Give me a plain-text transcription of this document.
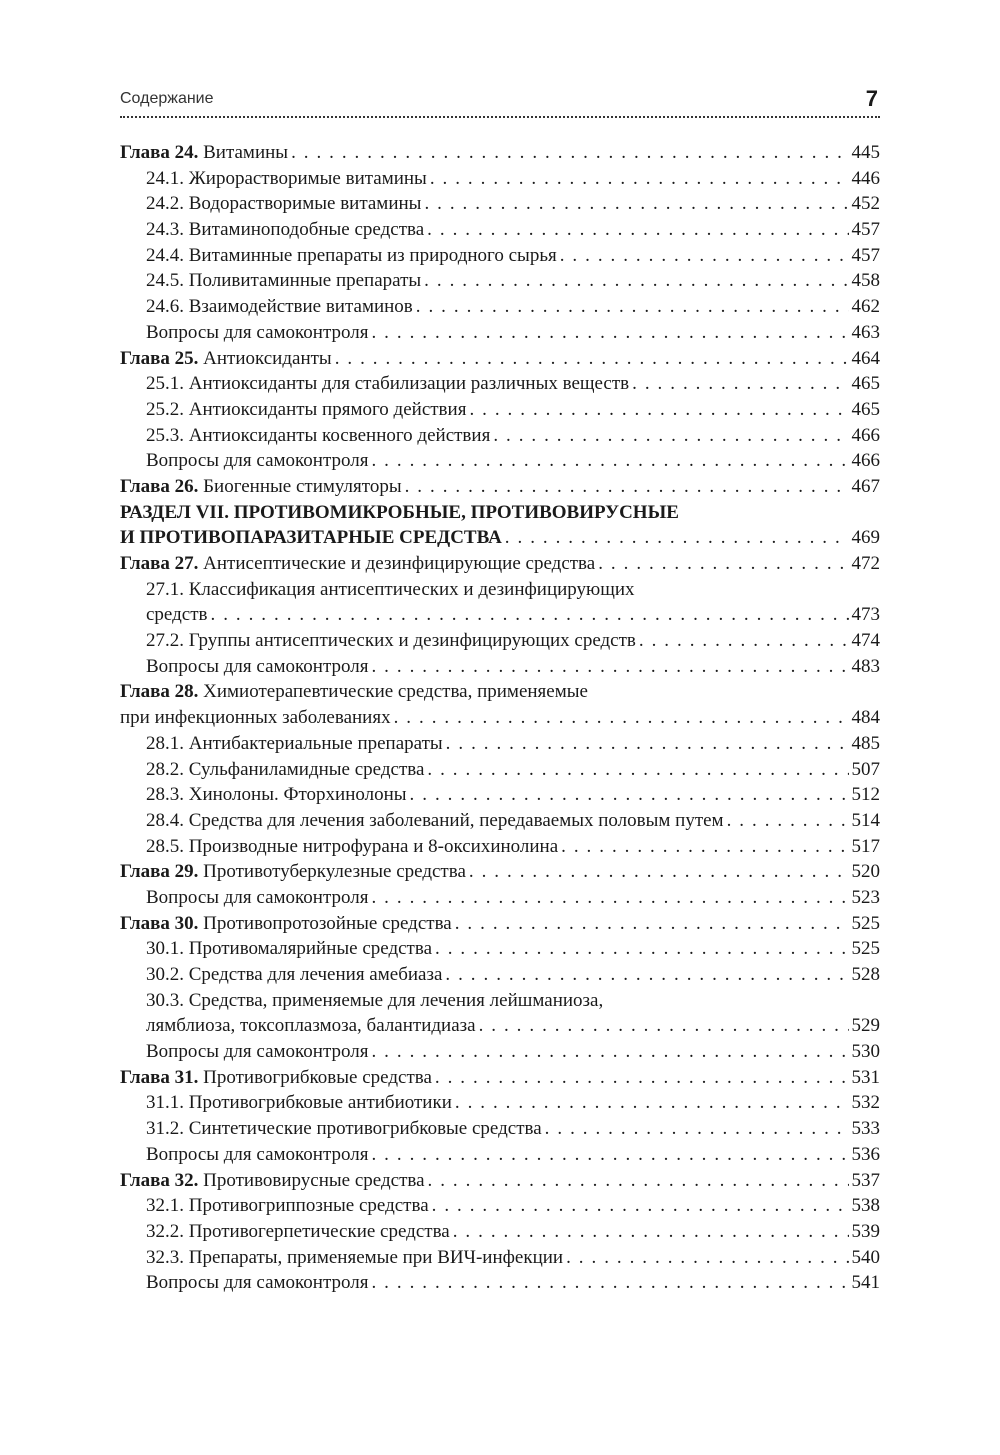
Содержание	7
Глава 24. Витамины . . .	445
24.1. Жирорастворимые витамины . . .	446
24.2. Водорастворимые витамины . . .	452
24.3. Витаминоподобные средства . . .	457
24.4. Витаминные препараты из природного сырья . . .	457
24.5. Поливитаминные препараты . . .	458
24.6. Взаимодействие витаминов . . .	462
Вопросы для самоконтроля . . .	463
Глава 25. Антиоксиданты . . .	464
25.1. Антиоксиданты для стабилизации различных веществ . . .	465
25.2. Антиоксиданты прямого действия . . .	465
25.3. Антиоксиданты косвенного действия . . .	466
Вопросы для самоконтроля . . .	466
Глава 26. Биогенные стимуляторы . . .	467
РАЗДЕЛ VII. ПРОТИВОМИКРОБНЫЕ, ПРОТИВОВИРУСНЫЕ
И ПРОТИВОПАРАЗИТАРНЫЕ СРЕДСТВА . . .	469
Глава 27. Антисептические и дезинфицирующие средства . . .	472
27.1. Классификация антисептических и дезинфицирующих
средств . . .	473
27.2. Группы антисептических и дезинфицирующих средств . . .	474
Вопросы для самоконтроля . . .	483
Глава 28. Химиотерапевтические средства, применяемые
при инфекционных заболеваниях . . .	484
28.1. Антибактериальные препараты . . .	485
28.2. Сульфаниламидные средства . . .	507
28.3. Хинолоны. Фторхинолоны . . .	512
28.4. Средства для лечения заболеваний, передаваемых половым путем . . .	514
28.5. Производные нитрофурана и 8-оксихинолина . . .	517
Глава 29. Противотуберкулезные средства . . .	520
Вопросы для самоконтроля . . .	523
Глава 30. Противопротозойные средства . . .	525
30.1. Противомалярийные средства . . .	525
30.2. Средства для лечения амебиаза . . .	528
30.3. Средства, применяемые для лечения лейшманиоза,
лямблиоза, токсоплазмоза, балантидиаза . . .	529
Вопросы для самоконтроля . . .	530
Глава 31. Противогрибковые средства . . .	531
31.1. Противогрибковые антибиотики . . .	532
31.2. Синтетические противогрибковые средства . . .	533
Вопросы для самоконтроля . . .	536
Глава 32. Противовирусные средства . . .	537
32.1. Противогриппозные средства . . .	538
32.2. Противогерпетические средства . . .	539
32.3. Препараты, применяемые при ВИЧ-инфекции . . .	540
Вопросы для самоконтроля . . .	541
